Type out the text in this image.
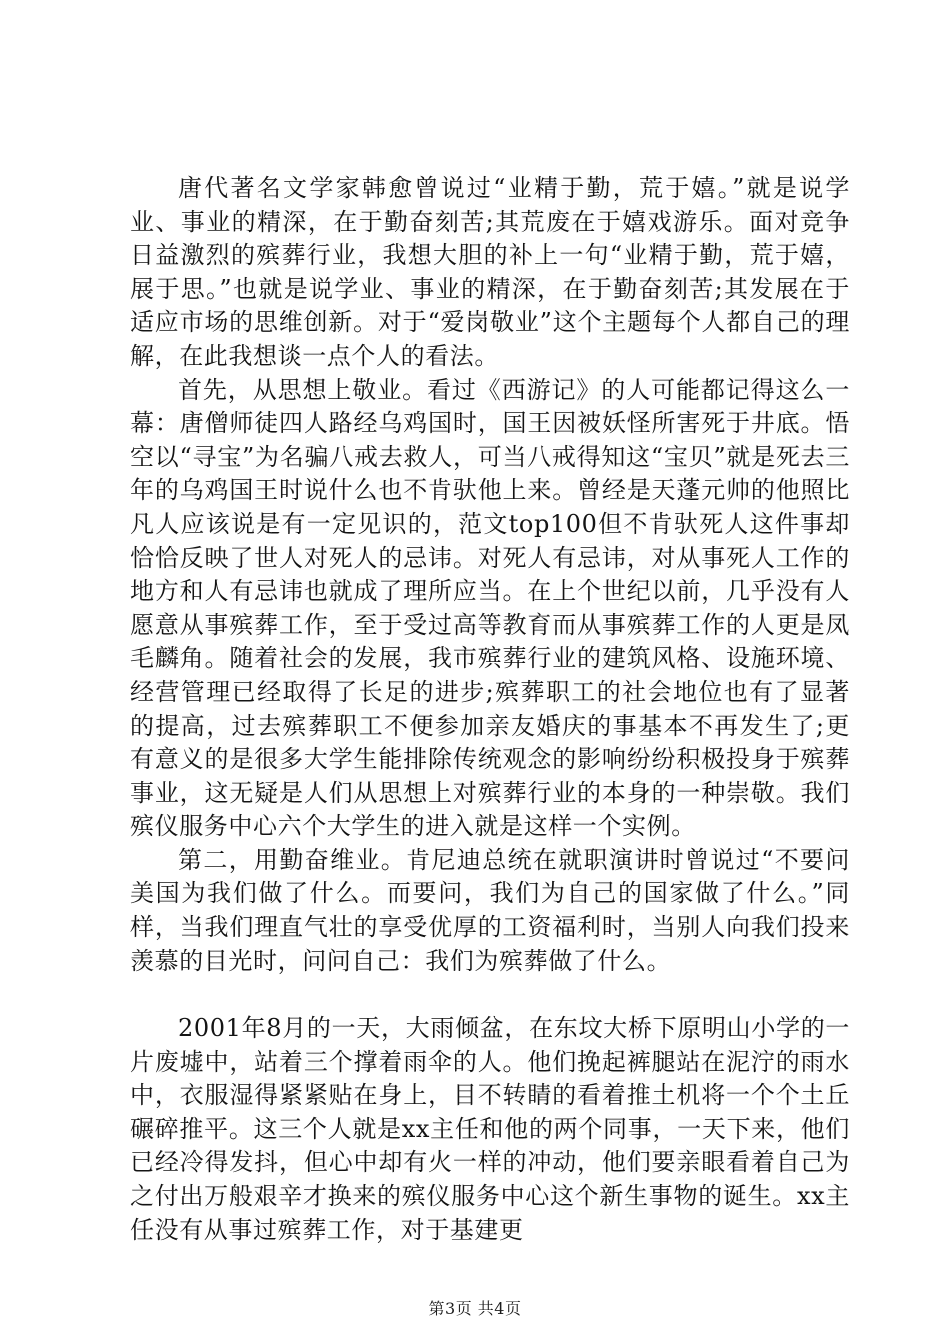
唐代著名文学家韩愈曾说过“业精于勤，荒于嬉。”就是说学业、事业的精深，在于勤奋刻苦;其荒废在于嬉戏游乐。面对竞争日益激烈的殡葬行业，我想大胆的补上一句“业精于勤，荒于嬉，展于思。”也就是说学业、事业的精深，在于勤奋刻苦;其发展在于适应市场的思维创新。对于“爱岗敬业”这个主题每个人都自己的理解，在此我想谈一点个人的看法。

首先，从思想上敬业。看过《西游记》的人可能都记得这么一幕：唐僧师徒四人路经乌鸡国时，国王因被妖怪所害死于井底。悟空以“寻宝”为名骗八戒去救人，可当八戒得知这“宝贝”就是死去三年的乌鸡国王时说什么也不肯驮他上来。曾经是天蓬元帅的他照比凡人应该说是有一定见识的，范文top100但不肯驮死人这件事却恰恰反映了世人对死人的忌讳。对死人有忌讳，对从事死人工作的地方和人有忌讳也就成了理所应当。在上个世纪以前，几乎没有人愿意从事殡葬工作，至于受过高等教育而从事殡葬工作的人更是凤毛麟角。随着社会的发展，我市殡葬行业的建筑风格、设施环境、经营管理已经取得了长足的进步;殡葬职工的社会地位也有了显著的提高，过去殡葬职工不便参加亲友婚庆的事基本不再发生了;更有意义的是很多大学生能排除传统观念的影响纷纷积极投身于殡葬事业，这无疑是人们从思想上对殡葬行业的本身的一种崇敬。我们殡仪服务中心六个大学生的进入就是这样一个实例。

第二，用勤奋维业。肯尼迪总统在就职演讲时曾说过“不要问美国为我们做了什么。而要问，我们为自己的国家做了什么。”同样，当我们理直气壮的享受优厚的工资福利时，当别人向我们投来羡慕的目光时，问问自己：我们为殡葬做了什么。

2001年8月的一天，大雨倾盆，在东坟大桥下原明山小学的一片废墟中，站着三个撑着雨伞的人。他们挽起裤腿站在泥泞的雨水中，衣服湿得紧紧贴在身上，目不转睛的看着推土机将一个个土丘碾碎推平。这三个人就是xx主任和他的两个同事，一天下来，他们已经冷得发抖，但心中却有火一样的冲动，他们要亲眼看着自己为之付出万般艰辛才换来的殡仪服务中心这个新生事物的诞生。xx主任没有从事过殡葬工作，对于基建更

第3页 共4页
